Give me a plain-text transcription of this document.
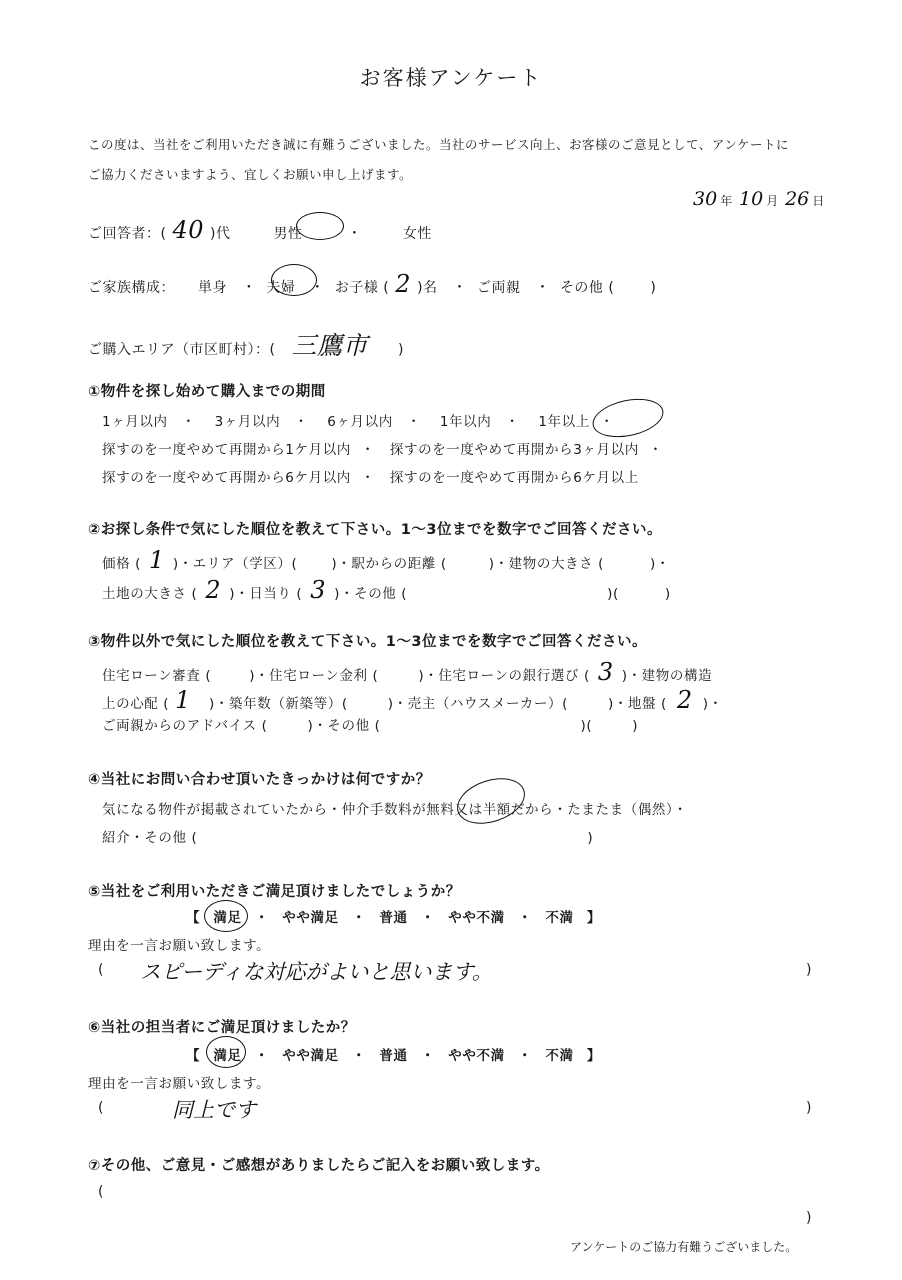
お客様アンケート
この度は、当社をご利用いただき誠に有難うございました。当社のサービス向上、お客様のご意見として、アンケートに
ご協力くださいますよう、宜しくお願い申し上げます。
30 年 10 月 26 日
ご回答者：( 40 )代	男性	・	女性
ご家族構成： 単身 ・ 夫婦 ・ お子様 ( 2 )名 ・ ご両親 ・ その他 (	)
ご購入エリア（市区町村）：( 三鷹市 )
①物件を探し始めて購入までの期間
1ヶ月以内 ・ 3ヶ月以内 ・ 6ヶ月以内 ・ 1年以内 ・ 1年以上 ・
探すのを一度やめて再開から1ケ月以内 ・ 探すのを一度やめて再開から3ヶ月以内 ・
探すのを一度やめて再開から6ケ月以内 ・ 探すのを一度やめて再開から6ケ月以上
②お探し条件で気にした順位を教えて下さい。1～3位までを数字でご回答ください。
価格 ( 1 )・エリア（学区）(	)・駅からの距離 (	)・建物の大きさ (	)・
土地の大きさ ( 2 )・日当り ( 3 )・その他 (	)(	)
③物件以外で気にした順位を教えて下さい。1～3位までを数字でご回答ください。
住宅ローン審査 (	)・住宅ローン金利 (	)・住宅ローンの銀行選び ( 3 )・建物の構造
上の心配 ( 1 )・築年数（新築等）(	)・売主（ハウスメーカー）(	)・地盤 ( 2 )・
ご両親からのアドバイス (	)・その他 (	)(	)
④当社にお問い合わせ頂いたきっかけは何ですか？
気になる物件が掲載されていたから・仲介手数料が無料又は半額だから・たまたま（偶然）・
紹介・その他 (	)
⑤当社をご利用いただきご満足頂けましたでしょうか？
【 満足 ・ やや満足 ・ 普通 ・ やや不満 ・ 不満 】
理由を一言お願い致します。
( スピーディな対応がよいと思います。	)
⑥当社の担当者にご満足頂けましたか？
【 満足 ・ やや満足 ・ 普通 ・ やや不満 ・ 不満 】
理由を一言お願い致します。
(	同上です	)
⑦その他、ご意見・ご感想がありましたらご記入をお願い致します。
(
)
アンケートのご協力有難うございました。
